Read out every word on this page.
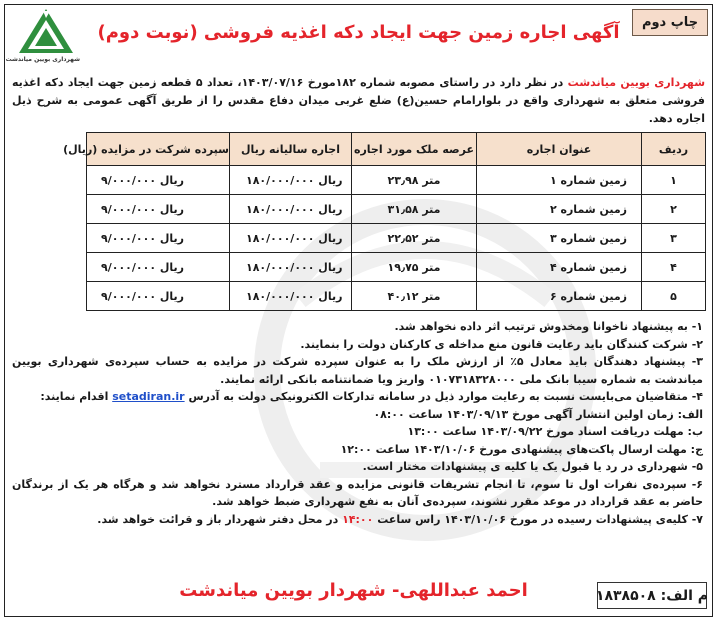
چاپ دوم
آگهی اجاره زمین جهت ایجاد دکه اغذیه فروشی (نوبت دوم)
شهرداری بویین میاندشت

شهرداری بویین میاندشت در نظر دارد در راستای مصوبه شماره ۱۸۲مورخ ۱۴۰۳/۰۷/۱۶، تعداد ۵ قطعه زمین جهت ایجاد دکه اغذیه فروشی متعلق به شهرداری واقع در بلوارامام حسین(ع) ضلع غربی میدان دفاع مقدس را از طریق آگهی عمومی به شرح ذیل اجاره دهد.

ردیف	عنوان اجاره	عرصه ملک مورد اجاره	اجاره سالیانه ریال	سپرده شرکت در مزایده (ریال)
۱	زمین شماره ۱	۲۳٫۹۸ متر	۱۸۰/۰۰۰/۰۰۰ ریال	۹/۰۰۰/۰۰۰ ریال
۲	زمین شماره ۲	۳۱٫۵۸ متر	۱۸۰/۰۰۰/۰۰۰ ریال	۹/۰۰۰/۰۰۰ ریال
۳	زمین شماره ۳	۲۲٫۵۲ متر	۱۸۰/۰۰۰/۰۰۰ ریال	۹/۰۰۰/۰۰۰ ریال
۴	زمین شماره ۴	۱۹٫۷۵ متر	۱۸۰/۰۰۰/۰۰۰ ریال	۹/۰۰۰/۰۰۰ ریال
۵	زمین شماره ۶	۴۰٫۱۲ متر	۱۸۰/۰۰۰/۰۰۰ ریال	۹/۰۰۰/۰۰۰ ریال

۱- به پیشنهاد ناخوانا ومخدوش ترتیب اثر داده نخواهد شد.

۲- شرکت کنندگان باید رعایت قانون منع مداخله ی کارکنان دولت را بنمایند.

۳- پیشنهاد دهندگان باید معادل ۵٪ از ارزش ملک را به عنوان سپرده شرکت در مزایده به حساب سپرده‌ی شهرداری بویین میاندشت به شماره سیبا بانک ملی ۰۱۰۷۳۱۸۳۲۸۰۰۰ واریز ویا ضمانتنامه بانکی ارائه نمایند.

۴- متقاضیان می‌بایست نسبت به رعایت موارد ذیل در سامانه تدارکات الکترونیکی دولت به آدرس setadiran.ir اقدام نمایند:

الف: زمان اولین انتشار آگهی مورخ ۱۴۰۳/۰۹/۱۳ ساعت ۰۸:۰۰

ب: مهلت دریافت اسناد مورخ ۱۴۰۳/۰۹/۲۲ ساعت ۱۳:۰۰

ج: مهلت ارسال پاکت‌های پیشنهادی مورخ ۱۴۰۳/۱۰/۰۶ ساعت ۱۲:۰۰

۵- شهرداری در رد یا قبول یک یا کلیه ی پیشنهادات مختار است.

۶- سپرده‌ی نفرات اول تا سوم، تا انجام تشریفات قانونی مزایده و عقد قرارداد مسترد نخواهد شد و هرگاه هر یک از برندگان حاضر به عقد قرارداد در موعد مقرر نشوند، سپرده‌ی آنان به نفع شهرداری ضبط خواهد شد.

۷- کلیه‌ی پیشنهادات رسیده در مورخ ۱۴۰۳/۱۰/۰۶ راس ساعت ۱۴:۰۰ در محل دفتر شهردار باز و قرائت خواهد شد.

احمد عبداللهی- شهردار بویین میاندشت	م الف: ۱۸۳۸۵۰۸
